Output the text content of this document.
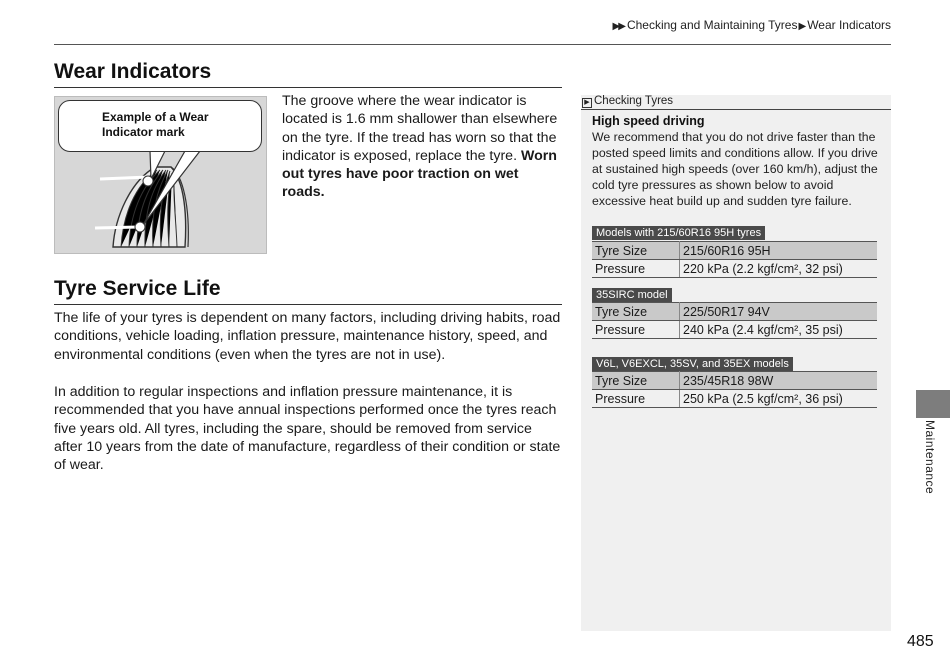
▶▶ Checking and Maintaining Tyres▶Wear Indicators
Wear Indicators
Example of a Wear Indicator mark
The groove where the wear indicator is located is 1.6 mm shallower than elsewhere on the tyre. If the tread has worn so that the indicator is exposed, replace the tyre. Worn out tyres have poor traction on wet roads.
Tyre Service Life
The life of your tyres is dependent on many factors, including driving habits, road conditions, vehicle loading, inflation pressure, maintenance history, speed, and environmental conditions (even when the tyres are not in use).
In addition to regular inspections and inflation pressure maintenance, it is recommended that you have annual inspections performed once the tyres reach five years old. All tyres, including the spare, should be removed from service after 10 years from the date of manufacture, regardless of their condition or state of wear.
▶ Checking Tyres
High speed driving
We recommend that you do not drive faster than the posted speed limits and conditions allow. If you drive at sustained high speeds (over 160 km/h), adjust the cold tyre pressures as shown below to avoid excessive heat build up and sudden tyre failure.
Models with 215/60R16 95H tyres
Tyre Size	215/60R16 95H
Pressure	220 kPa (2.2 kgf/cm², 32 psi)
35SIRC model
Tyre Size	225/50R17 94V
Pressure	240 kPa (2.4 kgf/cm², 35 psi)
V6L, V6EXCL, 35SV, and 35EX models
Tyre Size	235/45R18 98W
Pressure	250 kPa (2.5 kgf/cm², 36 psi)
Maintenance
485
